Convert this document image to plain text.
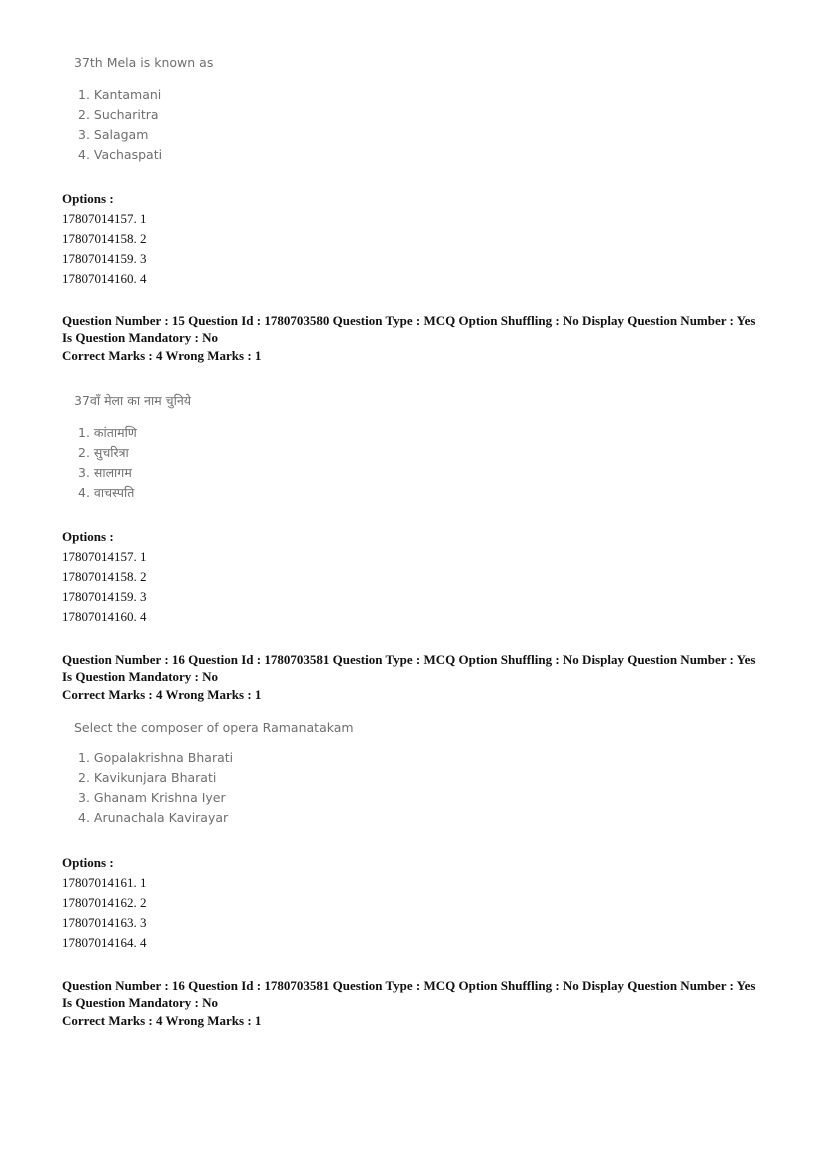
37th Mela is known as
1. Kantamani
2. Sucharitra
3. Salagam
4. Vachaspati
Options :
17807014157. 1
17807014158. 2
17807014159. 3
17807014160. 4
Question Number : 15 Question Id : 1780703580 Question Type : MCQ Option Shuffling : No Display Question Number : Yes
Is Question Mandatory : No
Correct Marks : 4 Wrong Marks : 1
37वाँ मेला का नाम चुनिये
1. कांतामणि
2. सुचरित्रा
3. सालागम
4. वाचस्पति
Options :
17807014157. 1
17807014158. 2
17807014159. 3
17807014160. 4
Question Number : 16 Question Id : 1780703581 Question Type : MCQ Option Shuffling : No Display Question Number : Yes
Is Question Mandatory : No
Correct Marks : 4 Wrong Marks : 1
Select the composer of opera Ramanatakam
1. Gopalakrishna Bharati
2. Kavikunjara Bharati
3. Ghanam Krishna Iyer
4. Arunachala Kavirayar
Options :
17807014161. 1
17807014162. 2
17807014163. 3
17807014164. 4
Question Number : 16 Question Id : 1780703581 Question Type : MCQ Option Shuffling : No Display Question Number : Yes
Is Question Mandatory : No
Correct Marks : 4 Wrong Marks : 1
